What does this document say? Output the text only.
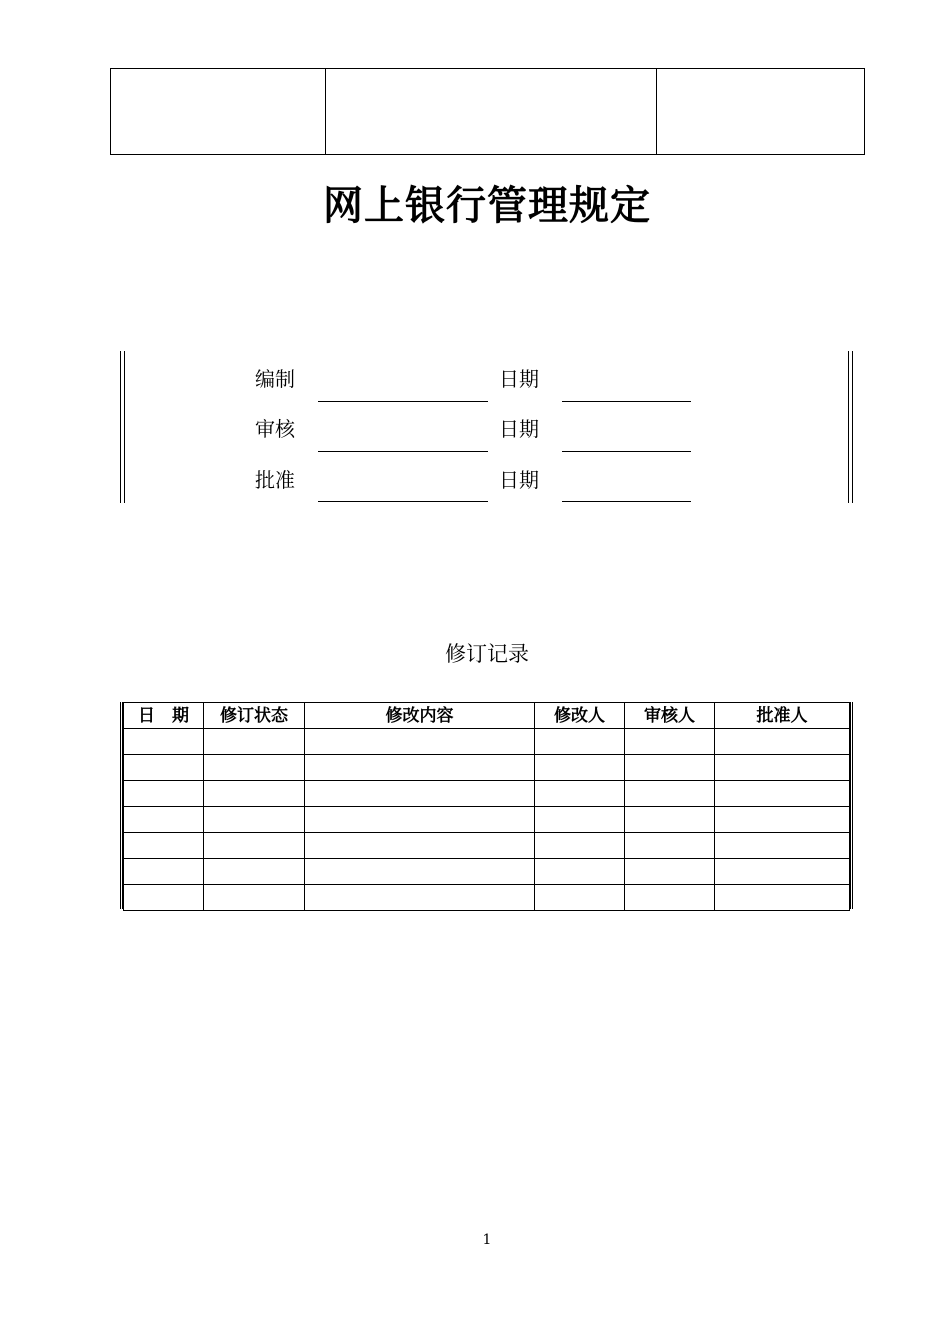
网上银行管理规定
编制	日期
审核	日期
批准	日期
修订记录
日　期	修订状态	修改内容	修改人	审核人	批准人

1
